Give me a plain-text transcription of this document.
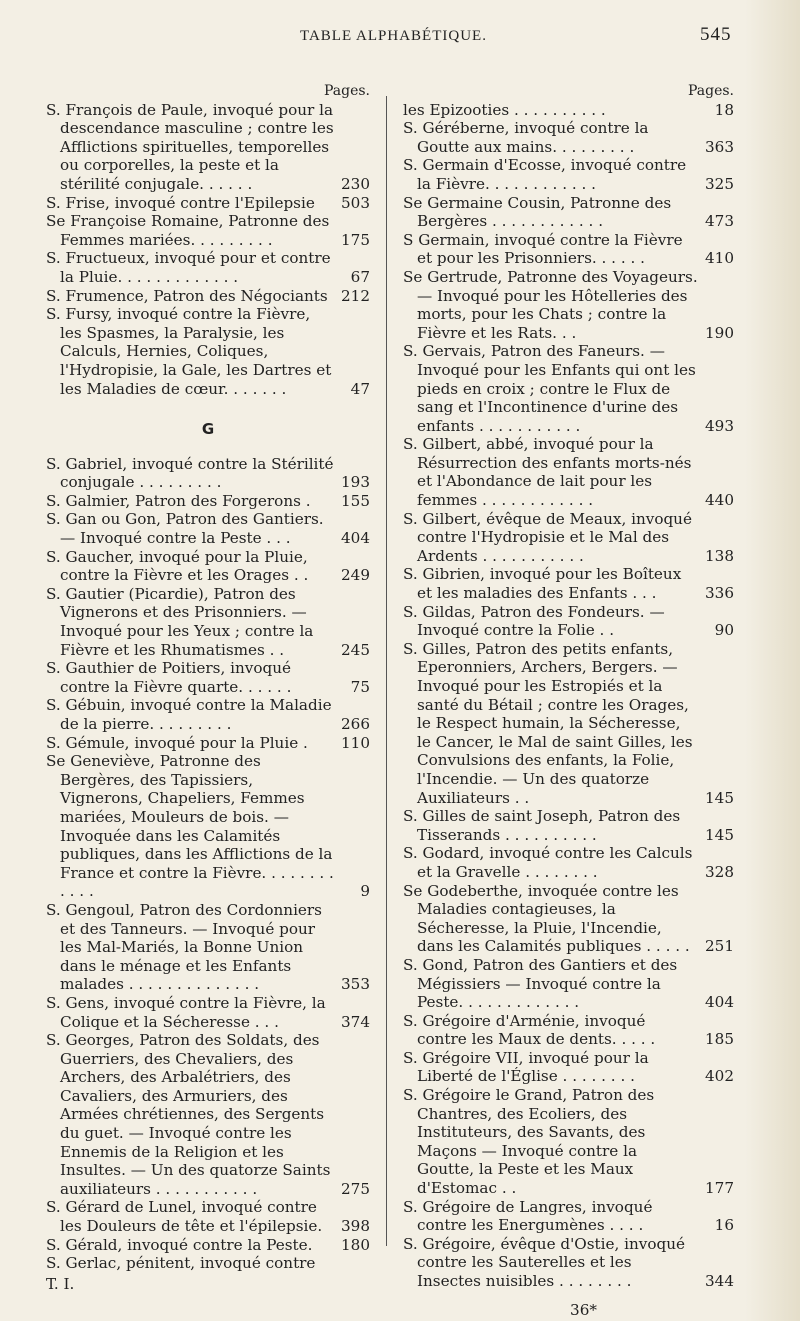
TABLE ALPHABÉTIQUE.	545
Pages.
S. François de Paule, invoqué pour la descendance masculine ; contre les Afflictions spirituelles, temporelles ou corporelles, la peste et la stérilité conjugale. . . . . .	230
S. Frise, invoqué contre l'Epilepsie	503
Se Françoise Romaine, Patronne des Femmes mariées. . . . . . . . .	175
S. Fructueux, invoqué pour et contre la Pluie. . . . . . . . . . . . .	67
S. Frumence, Patron des Négociants 212
S. Fursy, invoqué contre la Fièvre, les Spasmes, la Paralysie, les Calculs, Hernies, Coliques, l'Hydropisie, la Gale, les Dartres et les Maladies de cœur. . . . . . .	47
G
S. Gabriel, invoqué contre la Stérilité conjugale . . . . . . . . .	193
S. Galmier, Patron des Forgerons .	155
S. Gan ou Gon, Patron des Gantiers. — Invoqué contre la Peste . . .	404
S. Gaucher, invoqué pour la Pluie, contre la Fièvre et les Orages . .	249
S. Gautier (Picardie), Patron des Vignerons et des Prisonniers. — Invoqué pour les Yeux ; contre la Fièvre et les Rhumatismes . .	245
S. Gauthier de Poitiers, invoqué contre la Fièvre quarte. . . . . .	75
S. Gébuin, invoqué contre la Maladie de la pierre. . . . . . . . .	266
S. Gémule, invoqué pour la Pluie .	110
Se Geneviève, Patronne des Bergères, des Tapissiers, Vignerons, Chapeliers, Femmes mariées, Mouleurs de bois. — Invoquée dans les Calamités publiques, dans les Afflictions de la France et contre la Fièvre. . . . . . . . . . . .	9
S. Gengoul, Patron des Cordonniers et des Tanneurs. — Invoqué pour les Mal-Mariés, la Bonne Union dans le ménage et les Enfants malades . . . . . . . . . . . . . .	353
S. Gens, invoqué contre la Fièvre, la Colique et la Sécheresse . . .	374
S. Georges, Patron des Soldats, des Guerriers, des Chevaliers, des Archers, des Arbalétriers, des Cavaliers, des Armuriers, des Armées chrétiennes, des Sergents du guet. — Invoqué contre les Ennemis de la Religion et les Insultes. — Un des quatorze Saints auxiliateurs . . . . . . . . . . .	275
S. Gérard de Lunel, invoqué contre les Douleurs de tête et l'épilepsie.	398
S. Gérald, invoqué contre la Peste.	180
S. Gerlac, pénitent, invoqué contre
T. I.
Pages.
les Epizooties . . . . . . . . . .	18
S. Gérébernе, invoqué contre la Goutte aux mains. . . . . . . . .	363
S. Germain d'Ecosse, invoqué contre la Fièvre. . . . . . . . . . . .	325
Se Germaine Cousin, Patronne des Bergères . . . . . . . . . . . .	473
S Germain, invoqué contre la Fièvre et pour les Prisonniers. . . . . .	410
Se Gertrude, Patronne des Voyageurs. — Invoqué pour les Hôtelleries des morts, pour les Chats ; contre la Fièvre et les Rats. . .	190
S. Gervais, Patron des Faneurs. — Invoqué pour les Enfants qui ont les pieds en croix ; contre le Flux de sang et l'Incontinence d'urine des enfants . . . . . . . . . . .	493
S. Gilbert, abbé, invoqué pour la Résurrection des enfants morts-nés et l'Abondance de lait pour les femmes . . . . . . . . . . . .	440
S. Gilbert, évêque de Meaux, invoqué contre l'Hydropisie et le Mal des Ardents . . . . . . . . . . .	138
S. Gibrien, invoqué pour les Boîteux et les maladies des Enfants . . .	336
S. Gildas, Patron des Fondeurs. — Invoqué contre la Folie . .	90
S. Gilles, Patron des petits enfants, Eperonniers, Archers, Bergers. — Invoqué pour les Estropiés et la santé du Bétail ; contre les Orages, le Respect humain, la Sécheresse, le Cancer, le Mal de saint Gilles, les Convulsions des enfants, la Folie, l'Incendie. — Un des quatorze Auxiliateurs . .	145
S. Gilles de saint Joseph, Patron des Tisserands . . . . . . . . . .	145
S. Godard, invoqué contre les Calculs et la Gravelle . . . . . . . .	328
Se Godeberthe, invoquée contre les Maladies contagieuses, la Sécheresse, la Pluie, l'Incendie, dans les Calamités publiques . . . . .	251
S. Gond, Patron des Gantiers et des Mégissiers — Invoqué contre la Peste. . . . . . . . . . . . .	404
S. Grégoire d'Arménie, invoqué contre les Maux de dents. . . . .	185
S. Grégoire VII, invoqué pour la Liberté de l'Église . . . . . . . .	402
S. Grégoire le Grand, Patron des Chantres, des Ecoliers, des Instituteurs, des Savants, des Maçons — Invoqué contre la Goutte, la Peste et les Maux d'Estomac . .	177
S. Grégoire de Langres, invoqué contre les Energumènes . . . .	16
S. Grégoire, évêque d'Ostie, invoqué contre les Sauterelles et les Insectes nuisibles . . . . . . . .	344
36*
